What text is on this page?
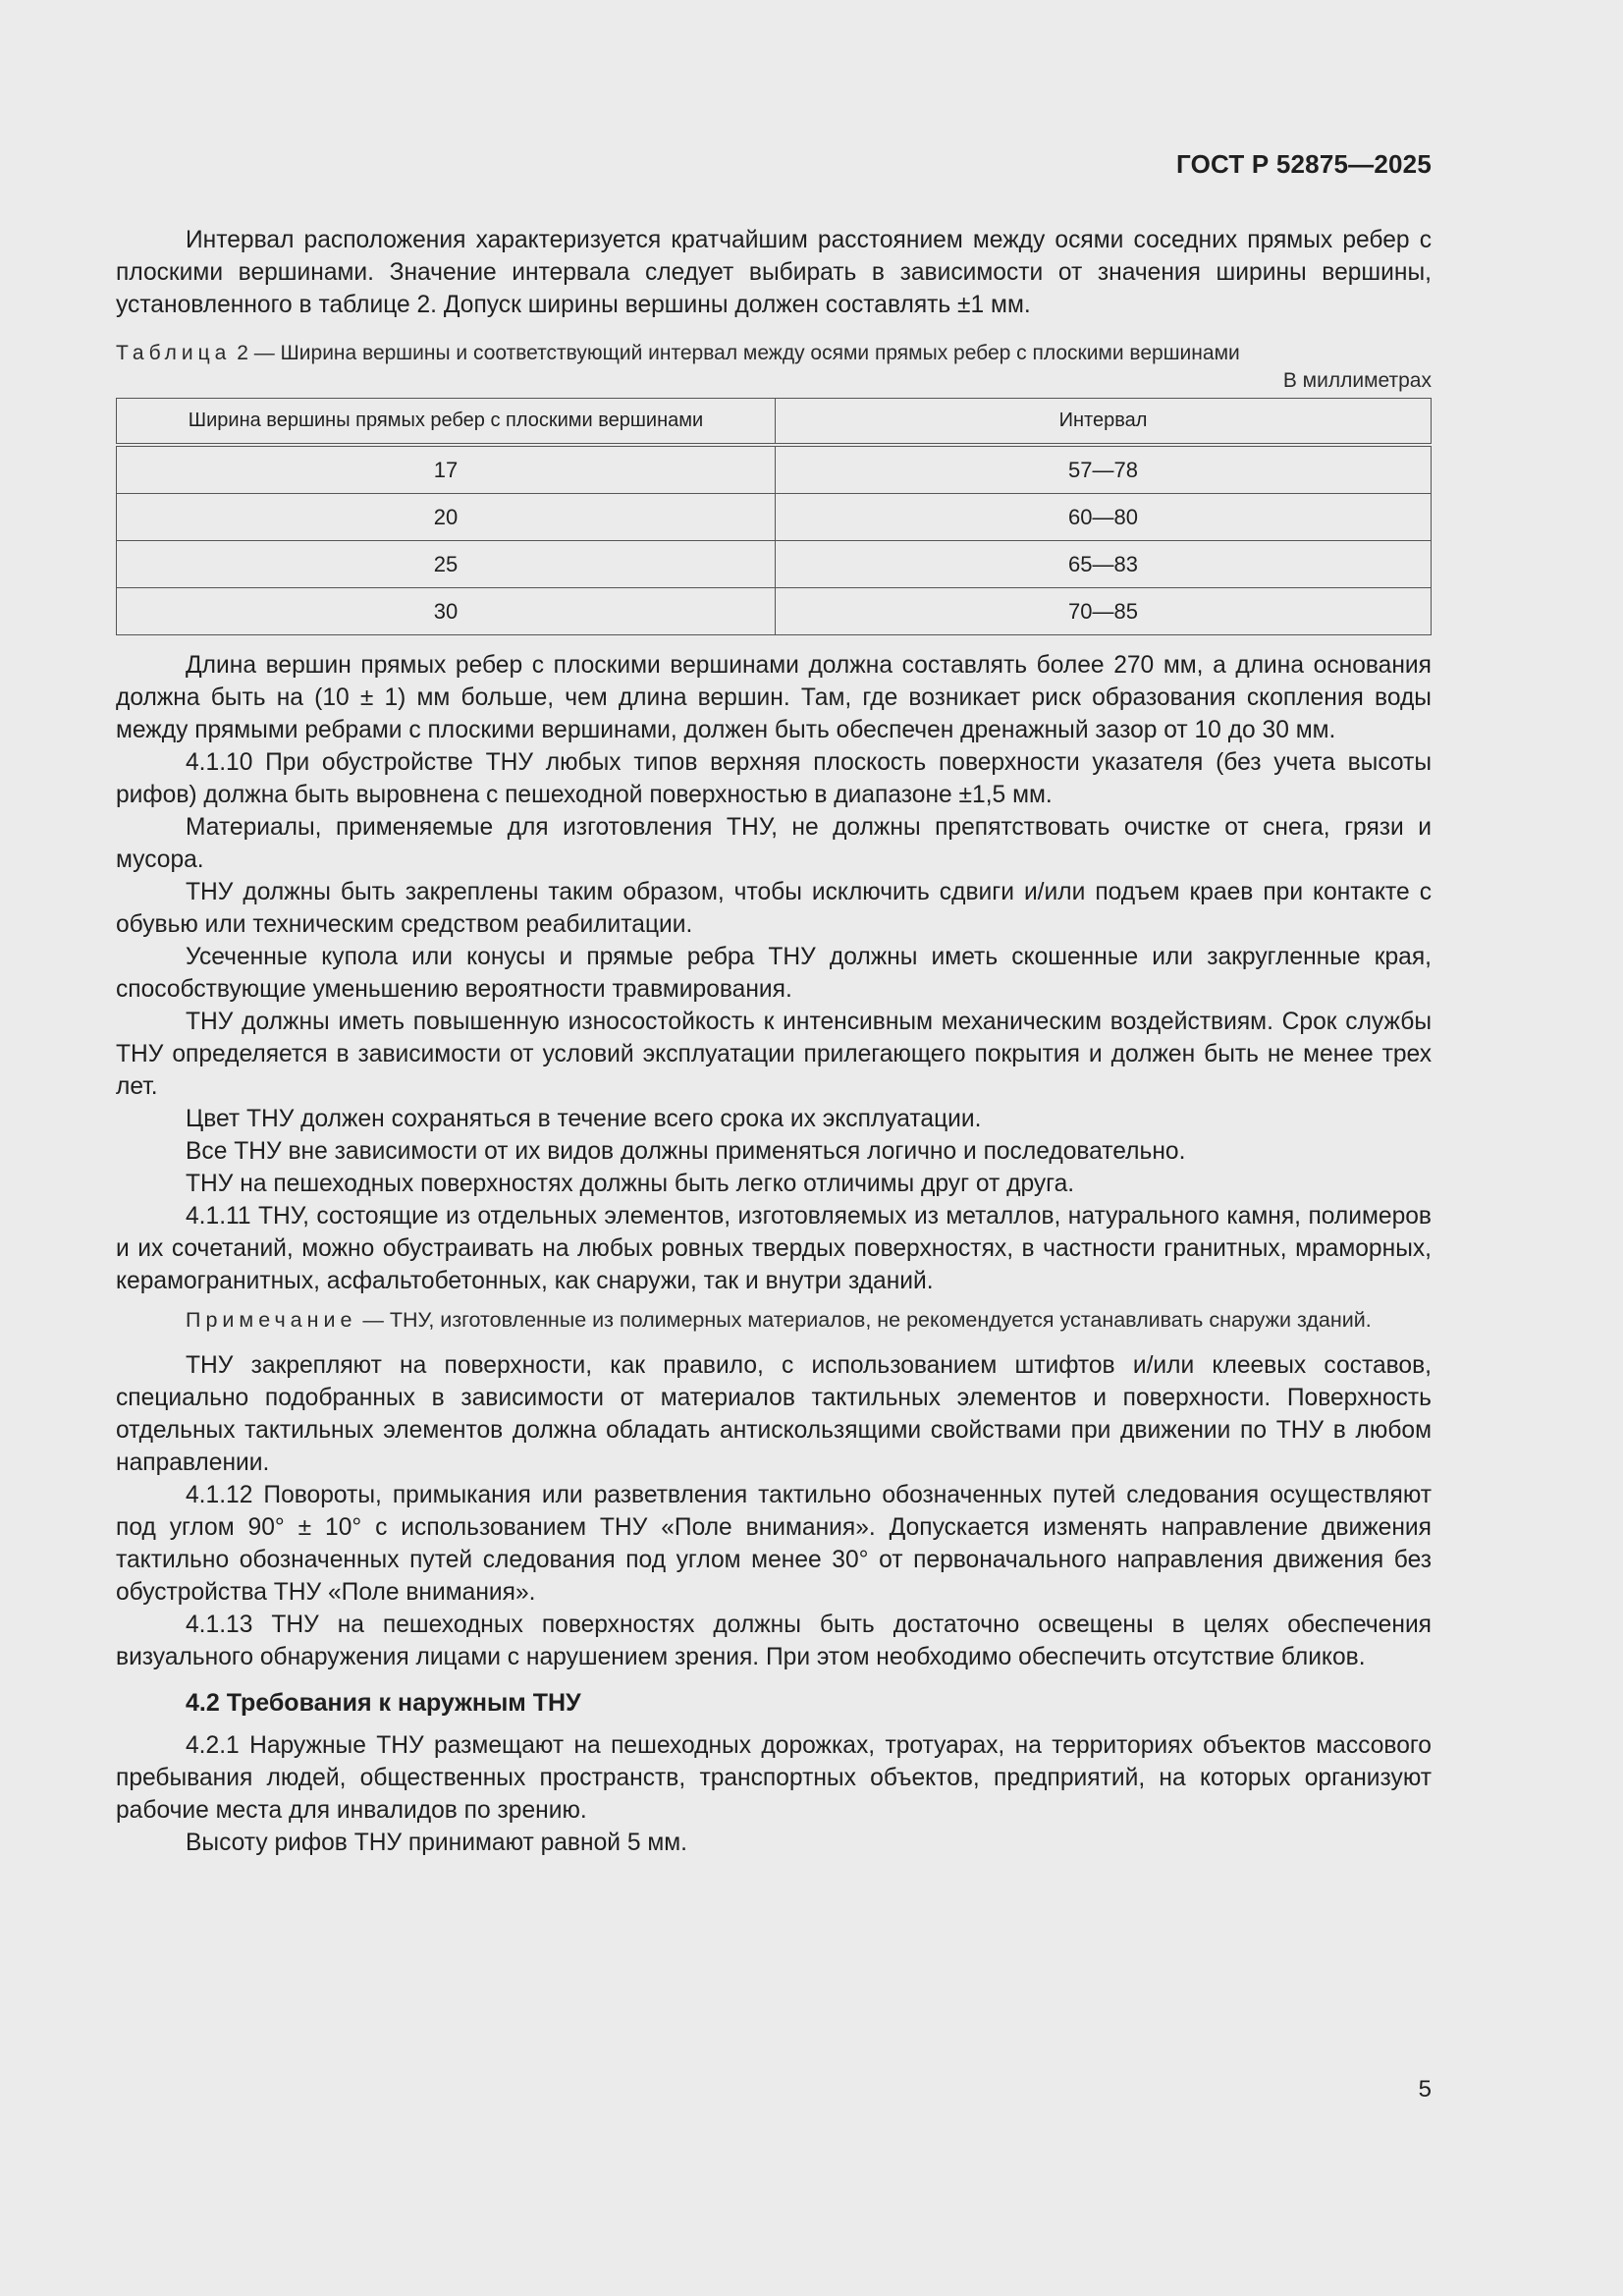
ГОСТ Р 52875—2025

Интервал расположения характеризуется кратчайшим расстоянием между осями соседних прямых ребер с плоскими вершинами. Значение интервала следует выбирать в зависимости от значения ширины вершины, установленного в таблице 2. Допуск ширины вершины должен составлять ±1 мм.

Таблица 2 — Ширина вершины и соответствующий интервал между осями прямых ребер с плоскими вершинами
В миллиметрах
Ширина вершины прямых ребер с плоскими вершинами	Интервал
17	57—78
20	60—80
25	65—83
30	70—85

Длина вершин прямых ребер с плоскими вершинами должна составлять более 270 мм, а длина основания должна быть на (10 ± 1) мм больше, чем длина вершин. Там, где возникает риск образования скопления воды между прямыми ребрами с плоскими вершинами, должен быть обеспечен дренажный зазор от 10 до 30 мм.

4.1.10 При обустройстве ТНУ любых типов верхняя плоскость поверхности указателя (без учета высоты рифов) должна быть выровнена с пешеходной поверхностью в диапазоне ±1,5 мм.

Материалы, применяемые для изготовления ТНУ, не должны препятствовать очистке от снега, грязи и мусора.

ТНУ должны быть закреплены таким образом, чтобы исключить сдвиги и/или подъем краев при контакте с обувью или техническим средством реабилитации.

Усеченные купола или конусы и прямые ребра ТНУ должны иметь скошенные или закругленные края, способствующие уменьшению вероятности травмирования.

ТНУ должны иметь повышенную износостойкость к интенсивным механическим воздействиям. Срок службы ТНУ определяется в зависимости от условий эксплуатации прилегающего покрытия и должен быть не менее трех лет.

Цвет ТНУ должен сохраняться в течение всего срока их эксплуатации.

Все ТНУ вне зависимости от их видов должны применяться логично и последовательно.

ТНУ на пешеходных поверхностях должны быть легко отличимы друг от друга.

4.1.11 ТНУ, состоящие из отдельных элементов, изготовляемых из металлов, натурального камня, полимеров и их сочетаний, можно обустраивать на любых ровных твердых поверхностях, в частности гранитных, мраморных, керамогранитных, асфальтобетонных, как снаружи, так и внутри зданий.

Примечание — ТНУ, изготовленные из полимерных материалов, не рекомендуется устанавливать снаружи зданий.

ТНУ закрепляют на поверхности, как правило, с использованием штифтов и/или клеевых составов, специально подобранных в зависимости от материалов тактильных элементов и поверхности. Поверхность отдельных тактильных элементов должна обладать антискользящими свойствами при движении по ТНУ в любом направлении.

4.1.12 Повороты, примыкания или разветвления тактильно обозначенных путей следования осуществляют под углом 90° ± 10° с использованием ТНУ «Поле внимания». Допускается изменять направление движения тактильно обозначенных путей следования под углом менее 30° от первоначального направления движения без обустройства ТНУ «Поле внимания».

4.1.13 ТНУ на пешеходных поверхностях должны быть достаточно освещены в целях обеспечения визуального обнаружения лицами с нарушением зрения. При этом необходимо обеспечить отсутствие бликов.

4.2 Требования к наружным ТНУ

4.2.1 Наружные ТНУ размещают на пешеходных дорожках, тротуарах, на территориях объектов массового пребывания людей, общественных пространств, транспортных объектов, предприятий, на которых организуют рабочие места для инвалидов по зрению.

Высоту рифов ТНУ принимают равной 5 мм.

5
